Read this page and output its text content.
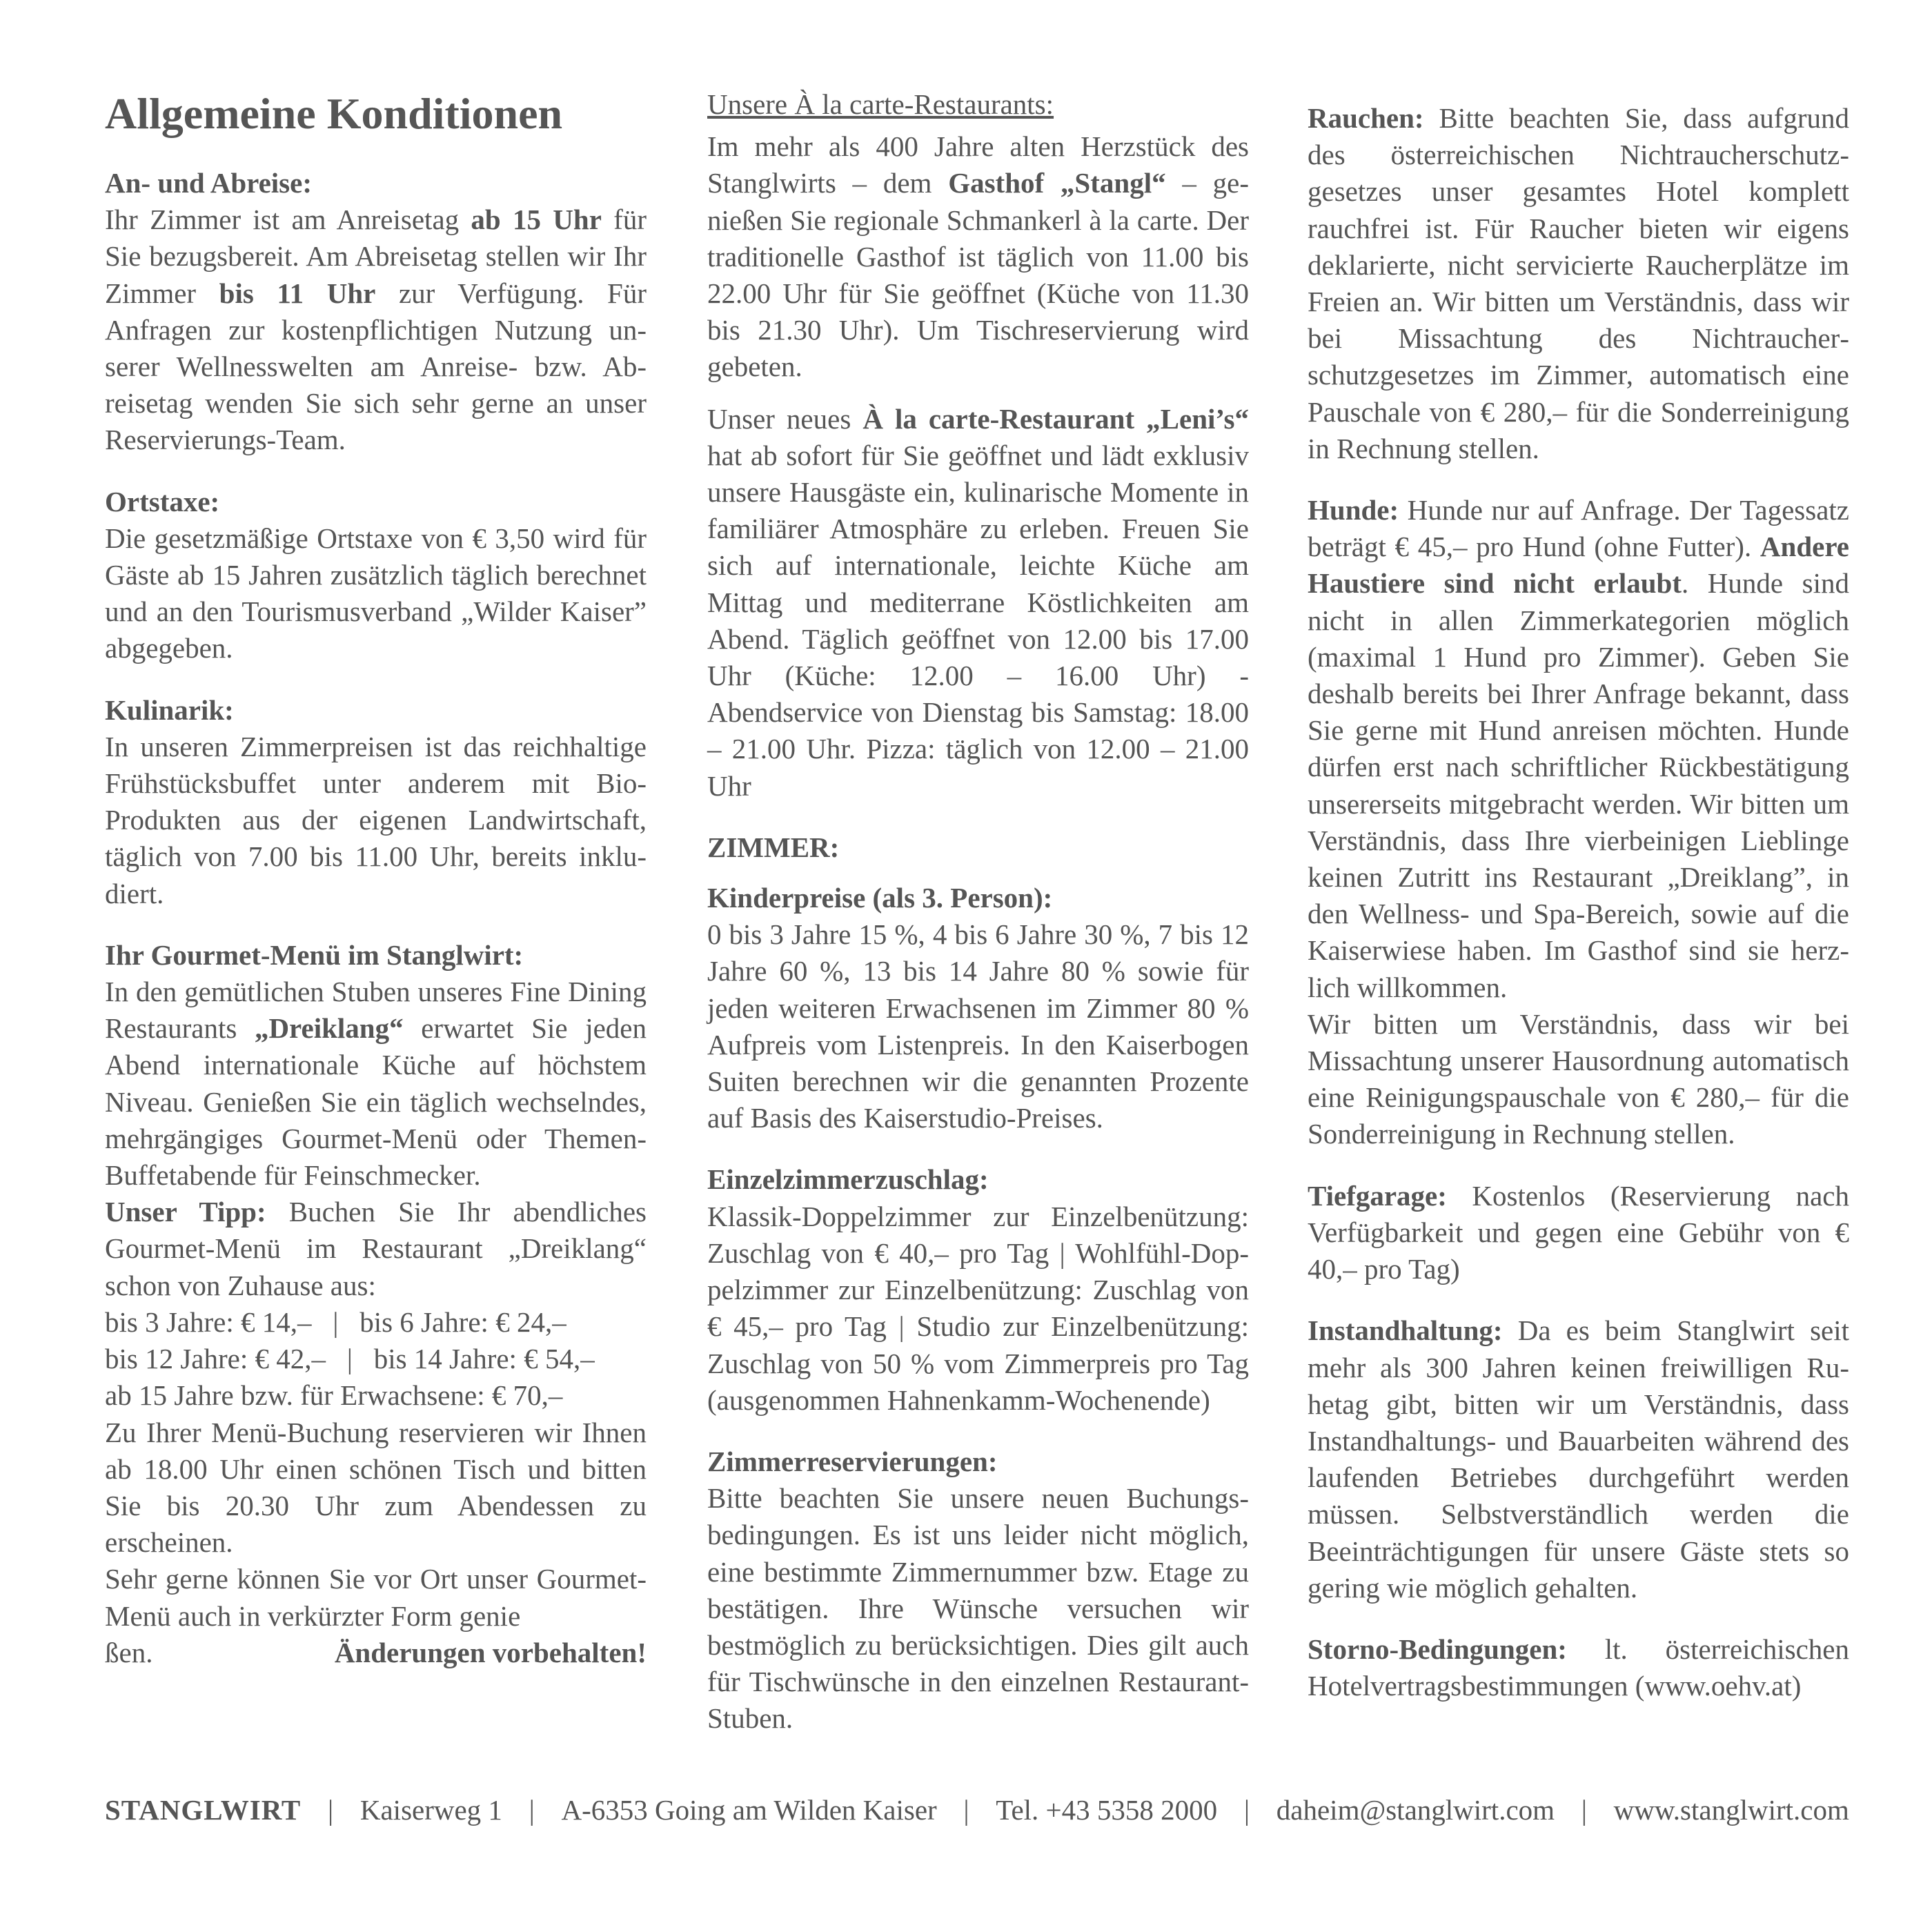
Allgemeine Konditionen

An- und Abreise:

Ihr Zimmer ist am Anreisetag ab 15 Uhr für Sie bezugsbereit. Am Abreisetag stellen wir Ihr Zimmer bis 11 Uhr zur Verfügung. Für Anfragen zur kostenpflichtigen Nutzung unserer Wellnesswelten am Anreise- bzw. Abreisetag wenden Sie sich sehr gerne an unser Reservierungs-Team.

Ortstaxe:

Die gesetzmäßige Ortstaxe von € 3,50 wird für Gäste ab 15 Jahren zusätzlich täglich berechnet und an den Tourismusverband „Wilder Kaiser” abgegeben.

Kulinarik:

In unseren Zimmerpreisen ist das reichhaltige Frühstücksbuffet unter anderem mit Bio-Produkten aus der eigenen Landwirtschaft, täglich von 7.00 bis 11.00 Uhr, bereits inkludiert.

Ihr Gourmet-Menü im Stanglwirt:

In den gemütlichen Stuben unseres Fine Dining Restaurants „Dreiklang“ erwartet Sie jeden Abend internationale Küche auf höchstem Niveau. Genießen Sie ein täglich wechselndes, mehrgängiges Gourmet-Menü oder Themen-Buffetabende für Feinschmecker.

Unser Tipp: Buchen Sie Ihr abendliches Gourmet-Menü im Restaurant „Dreiklang“ schon von Zuhause aus:

bis 3 Jahre: € 14,–   |   bis 6 Jahre: € 24,–

bis 12 Jahre: € 42,–   |   bis 14 Jahre: € 54,–

ab 15 Jahre bzw. für Erwachsene: € 70,–

Zu Ihrer Menü-Buchung reservieren wir Ihnen ab 18.00 Uhr einen schönen Tisch und bitten Sie bis 20.30 Uhr zum Abendessen zu erscheinen.

Sehr gerne können Sie vor Ort unser Gourmet-Menü auch in verkürzter Form genie

ßen.	Änderungen vorbehalten!

Unsere À la carte-Restaurants:

Im mehr als 400 Jahre alten Herzstück des Stanglwirts – dem Gasthof „Stangl“ – genießen Sie regionale Schmankerl à la carte. Der traditionelle Gasthof ist täglich von 11.00 bis 22.00 Uhr für Sie geöffnet (Küche von 11.30 bis 21.30 Uhr). Um Tischreservierung wird gebeten.

Unser neues À la carte-Restaurant „Leni’s“ hat ab sofort für Sie geöffnet und lädt exklusiv unsere Hausgäste ein, kulinarische Momente in familiärer Atmosphäre zu erleben. Freuen Sie sich auf internationale, leichte Küche am Mittag und mediterrane Köstlichkeiten am Abend. Täglich geöffnet von 12.00 bis 17.00 Uhr (Küche: 12.00 – 16.00 Uhr) - Abendservice von Dienstag bis Samstag: 18.00 – 21.00 Uhr. Pizza: täglich von 12.00 – 21.00 Uhr

ZIMMER:

Kinderpreise (als 3. Person):

0 bis 3 Jahre 15 %, 4 bis 6 Jahre 30 %, 7 bis 12 Jahre 60 %, 13 bis 14 Jahre 80 % sowie für jeden weiteren Erwachsenen im Zimmer 80 % Aufpreis vom Listenpreis. In den Kaiserbogen Suiten berechnen wir die genannten Prozente auf Basis des Kaiserstudio-Preises.

Einzelzimmerzuschlag:

Klassik-Doppelzimmer zur Einzelbenützung: Zuschlag von € 40,– pro Tag | Wohlfühl-Doppelzimmer zur Einzelbenützung: Zuschlag von € 45,– pro Tag | Studio zur Einzelbenützung: Zuschlag von 50 % vom Zimmerpreis pro Tag (ausgenommen Hahnenkamm-Wochenende)

Zimmerreservierungen:

Bitte beachten Sie unsere neuen Buchungsbedingungen. Es ist uns leider nicht möglich, eine bestimmte Zimmernummer bzw. Etage zu bestätigen. Ihre Wünsche versuchen wir bestmöglich zu berücksichtigen. Dies gilt auch für Tischwünsche in den einzelnen Restaurant-Stuben.

Rauchen: Bitte beachten Sie, dass aufgrund des österreichischen Nichtraucherschutzgesetzes unser gesamtes Hotel komplett rauchfrei ist. Für Raucher bieten wir eigens deklarierte, nicht servicierte Raucherplätze im Freien an. Wir bitten um Verständnis, dass wir bei Missachtung des Nichtraucherschutzgesetzes im Zimmer, automatisch eine Pauschale von € 280,– für die Sonderreinigung in Rechnung stellen.

Hunde: Hunde nur auf Anfrage. Der Tagessatz beträgt € 45,– pro Hund (ohne Futter). Andere Haustiere sind nicht erlaubt. Hunde sind nicht in allen Zimmerkategorien möglich (maximal 1 Hund pro Zimmer). Geben Sie deshalb bereits bei Ihrer Anfrage bekannt, dass Sie gerne mit Hund anreisen möchten. Hunde dürfen erst nach schriftlicher Rückbestätigung unsererseits mitgebracht werden. Wir bitten um Verständnis, dass Ihre vierbeinigen Lieblinge keinen Zutritt ins Restaurant „Dreiklang”, in den Wellness- und Spa-Bereich, sowie auf die Kaiserwiese haben. Im Gasthof sind sie herzlich willkommen.

Wir bitten um Verständnis, dass wir bei Missachtung unserer Hausordnung automatisch eine Reinigungspauschale von € 280,– für die Sonderreinigung in Rechnung stellen.

Tiefgarage: Kostenlos (Reservierung nach Verfügbarkeit und gegen eine Gebühr von € 40,– pro Tag)

Instandhaltung: Da es beim Stanglwirt seit mehr als 300 Jahren keinen freiwilligen Ruhetag gibt, bitten wir um Verständnis, dass Instandhaltungs- und Bauarbeiten während des laufenden Betriebes durchgeführt werden müssen. Selbstverständlich werden die Beeinträchtigungen für unsere Gäste stets so gering wie möglich gehalten.

Storno-Bedingungen: lt. österreichischen Hotelvertragsbestimmungen (www.oehv.at)

STANGLWIRT | Kaiserweg 1 | A-6353 Going am Wilden Kaiser | Tel. +43 5358 2000 | daheim@stanglwirt.com | www.stanglwirt.com
